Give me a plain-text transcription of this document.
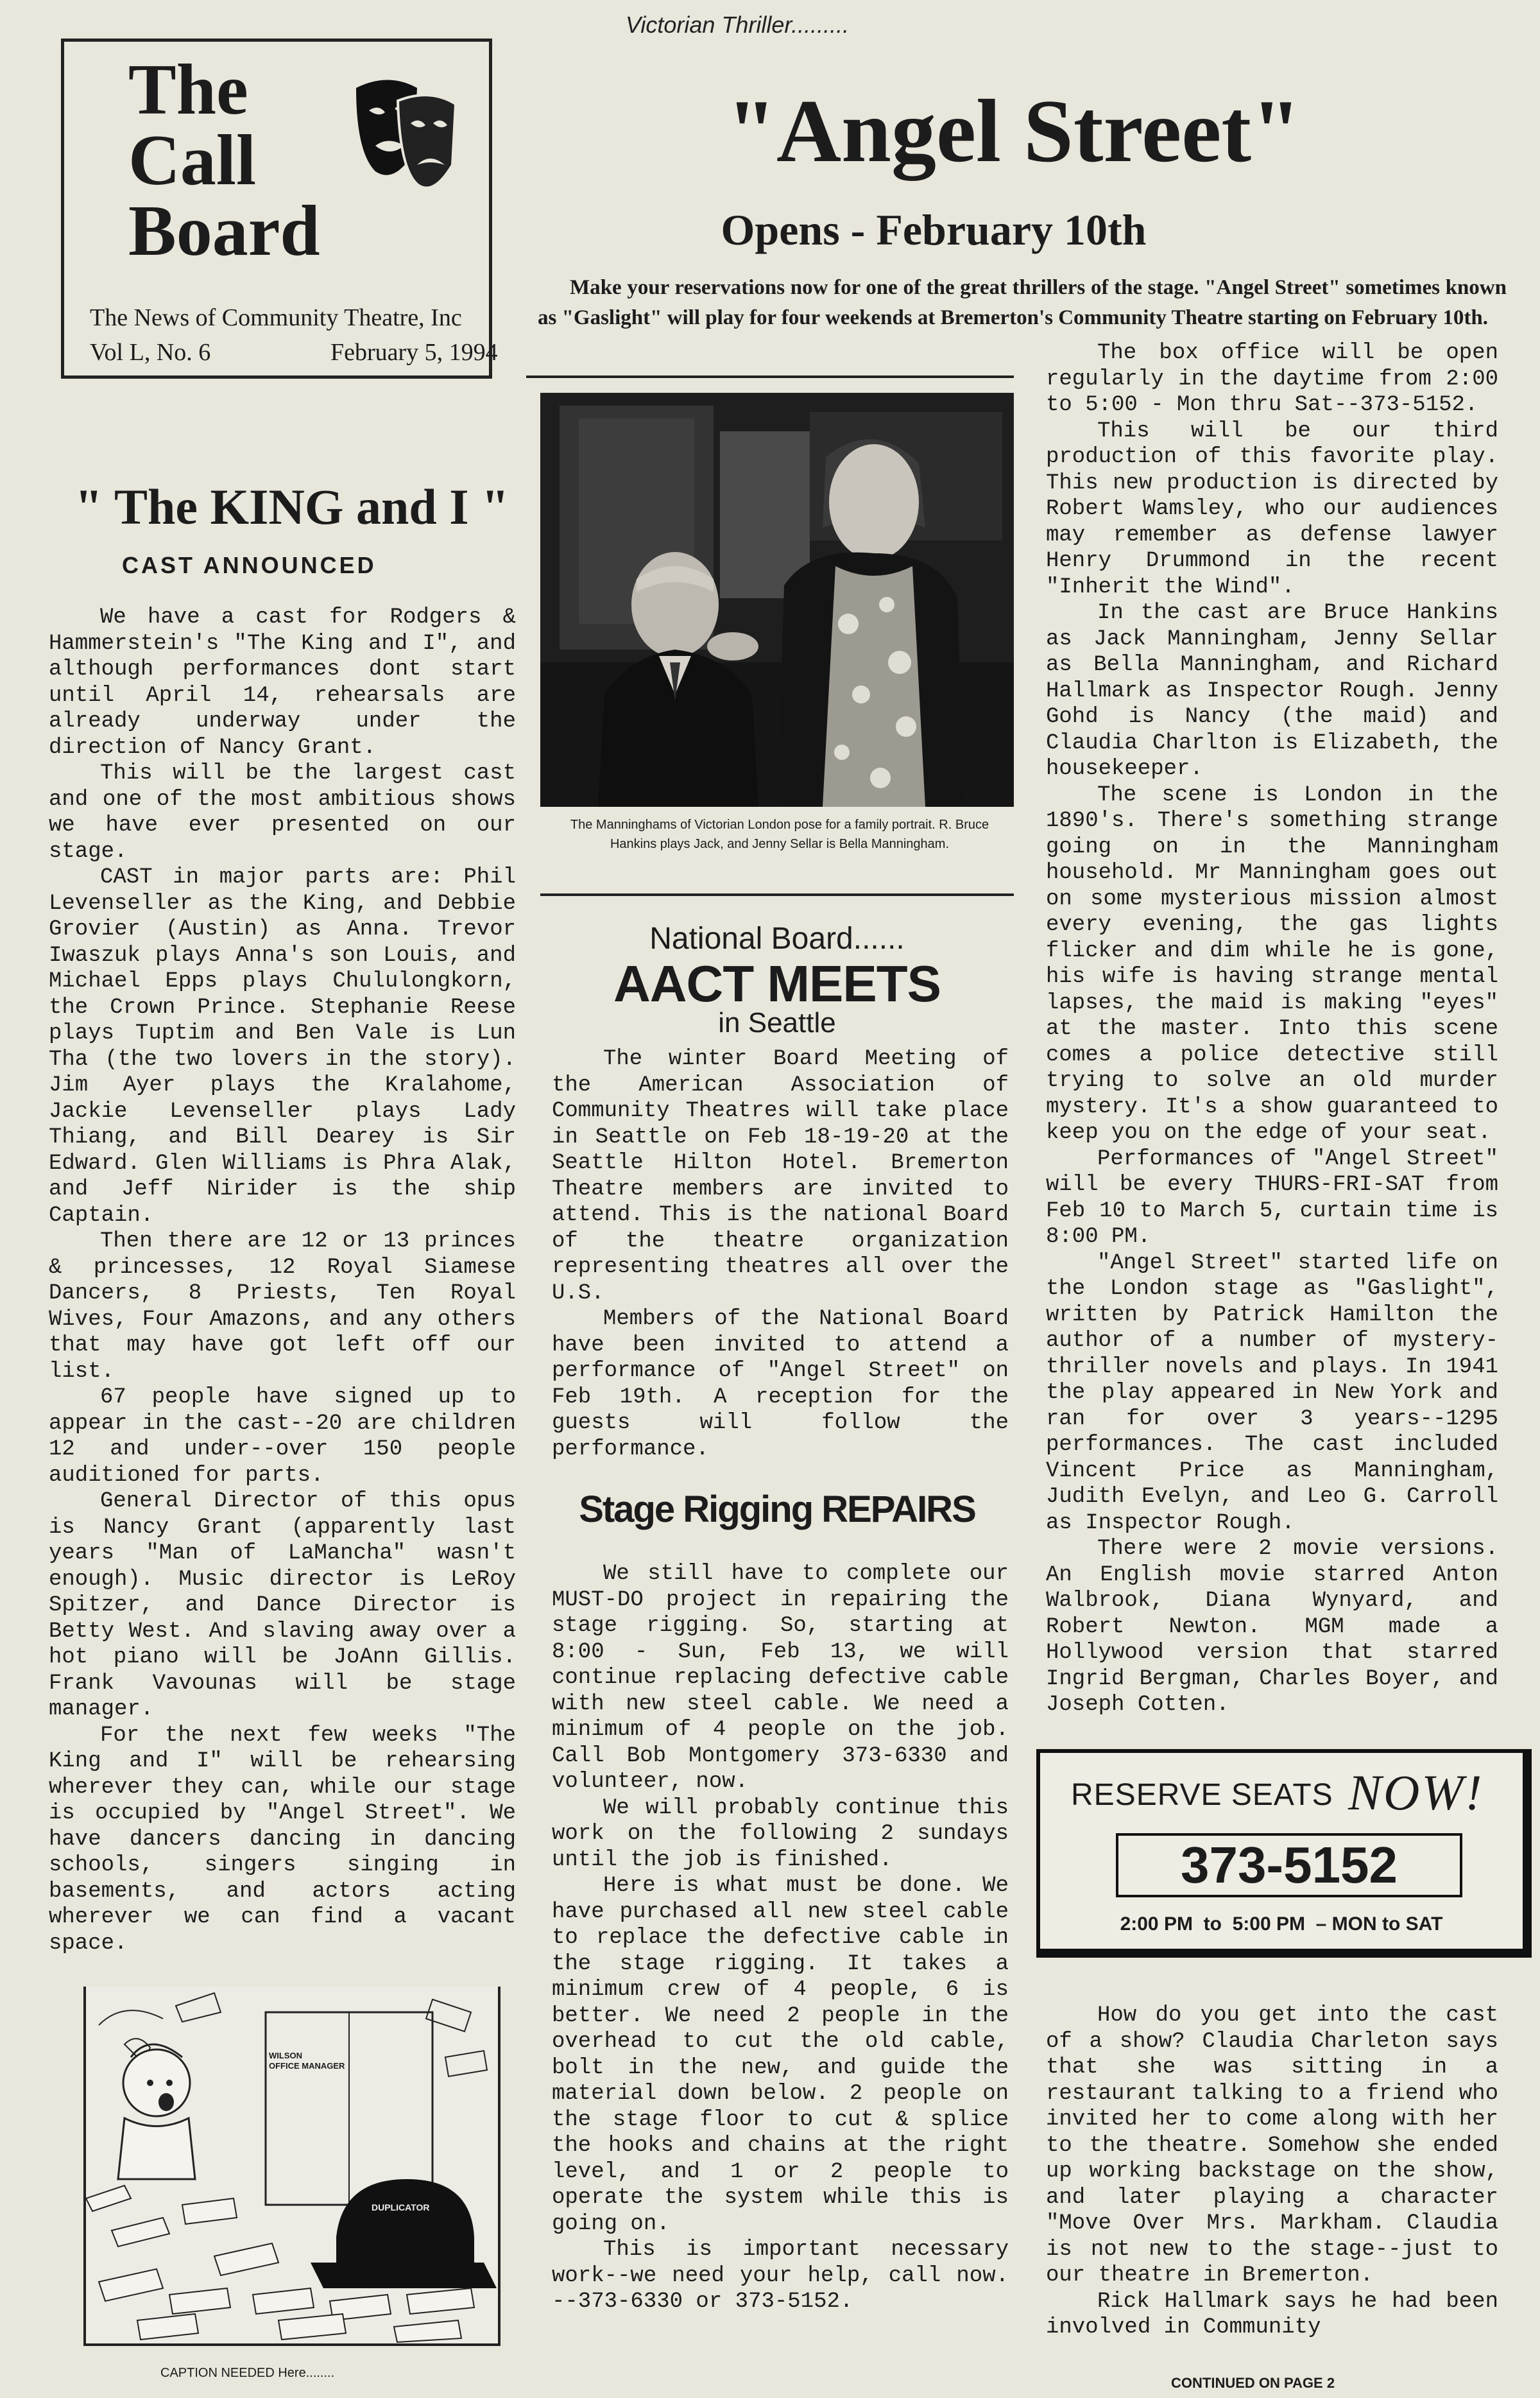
Victorian Thriller.........
The
Call
Board
The News of Community Theatre, Inc
Vol L, No. 6	February 5, 1994
"Angel Street"
Opens - February 10th
Make your reservations now for one of the great thrillers of the stage. "Angel Street" sometimes known as "Gaslight" will play for four weekends at Bremerton's Community Theatre starting on February 10th.
The Manninghams of Victorian London pose for a family portrait. R. Bruce Hankins plays Jack, and Jenny Sellar is Bella Manningham.

The box office will be open regularly in the daytime from 2:00 to 5:00 - Mon thru Sat--373-5152.

This will be our third production of this favorite play. This new production is directed by Robert Wamsley, who our audiences may remember as defense lawyer Henry Drummond in the recent "Inherit the Wind".

In the cast are Bruce Hankins as Jack Manningham, Jenny Sellar as Bella Manningham, and Richard Hallmark as Inspector Rough. Jenny Gohd is Nancy (the maid) and Claudia Charlton is Elizabeth, the housekeeper.

The scene is London in the 1890's. There's something strange going on in the Manningham household. Mr Manningham goes out on some mysterious mission almost every evening, the gas lights flicker and dim while he is gone, his wife is having strange mental lapses, the maid is making "eyes" at the master. Into this scene comes a police detective still trying to solve an old murder mystery. It's a show guaranteed to keep you on the edge of your seat.

Performances of "Angel Street" will be every THURS-FRI-SAT from Feb 10 to March 5, curtain time is 8:00 PM.

"Angel Street" started life on the London stage as "Gaslight", written by Patrick Hamilton the author of a number of mystery-thriller novels and plays. In 1941 the play appeared in New York and ran for over 3 years--1295 performances. The cast included Vincent Price as Manningham, Judith Evelyn, and Leo G. Carroll as Inspector Rough.

There were 2 movie versions. An English movie starred Anton Walbrook, Diana Wynyard, and Robert Newton. MGM made a Hollywood version that starred Ingrid Bergman, Charles Boyer, and Joseph Cotten.

" The KING and I "
CAST ANNOUNCED

We have a cast for Rodgers & Hammerstein's "The King and I", and although performances dont start until April 14, rehearsals are already underway under the direction of Nancy Grant.

This will be the largest cast and one of the most ambitious shows we have ever presented on our stage.

CAST in major parts are: Phil Levenseller as the King, and Debbie Grovier (Austin) as Anna. Trevor Iwaszuk plays Anna's son Louis, and Michael Epps plays Chululongkorn, the Crown Prince. Stephanie Reese plays Tuptim and Ben Vale is Lun Tha (the two lovers in the story). Jim Ayer plays the Kralahome, Jackie Levenseller plays Lady Thiang, and Bill Dearey is Sir Edward. Glen Williams is Phra Alak, and Jeff Nirider is the ship Captain.

Then there are 12 or 13 princes & princesses, 12 Royal Siamese Dancers, 8 Priests, Ten Royal Wives, Four Amazons, and any others that may have got left off our list.

67 people have signed up to appear in the cast--20 are children 12 and under--over 150 people auditioned for parts.

General Director of this opus is Nancy Grant (apparently last years "Man of LaMancha" wasn't enough). Music director is LeRoy Spitzer, and Dance Director is Betty West. And slaving away over a hot piano will be JoAnn Gillis. Frank Vavounas will be stage manager.

For the next few weeks "The King and I" will be rehearsing wherever they can, while our stage is occupied by "Angel Street". We have dancers dancing in dancing schools, singers singing in basements, and actors acting wherever we can find a vacant space.

WILSON
OFFICE MANAGER
DUPLICATOR
CAPTION NEEDED Here........
National Board......
AACT MEETS
in Seattle

The winter Board Meeting of the American Association of Community Theatres will take place in Seattle on Feb 18-19-20 at the Seattle Hilton Hotel. Bremerton Theatre members are invited to attend. This is the national Board of the theatre organization representing theatres all over the U.S.

Members of the National Board have been invited to attend a performance of "Angel Street" on Feb 19th. A reception for the guests will follow the performance.

Stage Rigging REPAIRS

We still have to complete our MUST-DO project in repairing the stage rigging. So, starting at 8:00 - Sun, Feb 13, we will continue replacing defective cable with new steel cable. We need a minimum of 4 people on the job. Call Bob Montgomery 373-6330 and volunteer, now.

We will probably continue this work on the following 2 sundays until the job is finished.

Here is what must be done. We have purchased all new steel cable to replace the defective cable in the stage rigging. It takes a minimum crew of 4 people, 6 is better. We need 2 people in the overhead to cut the old cable, bolt in the new, and guide the material down below. 2 people on the stage floor to cut & splice the hooks and chains at the right level, and 1 or 2 people to operate the system while this is going on.

This is important necessary work--we need your help, call now. --373-6330 or 373-5152.

RESERVE SEATS NOW!
373-5152
2:00 PM  to  5:00 PM  – MON to SAT

How do you get into the cast of a show? Claudia Charleton says that she was sitting in a restaurant talking to a friend who invited her to come along with her to the theatre. Somehow she ended up working backstage on the show, and later playing a character "Move Over Mrs. Markham. Claudia is not new to the stage--just to our theatre in Bremerton.

Rick Hallmark says he had been involved in Community

CONTINUED ON PAGE 2
